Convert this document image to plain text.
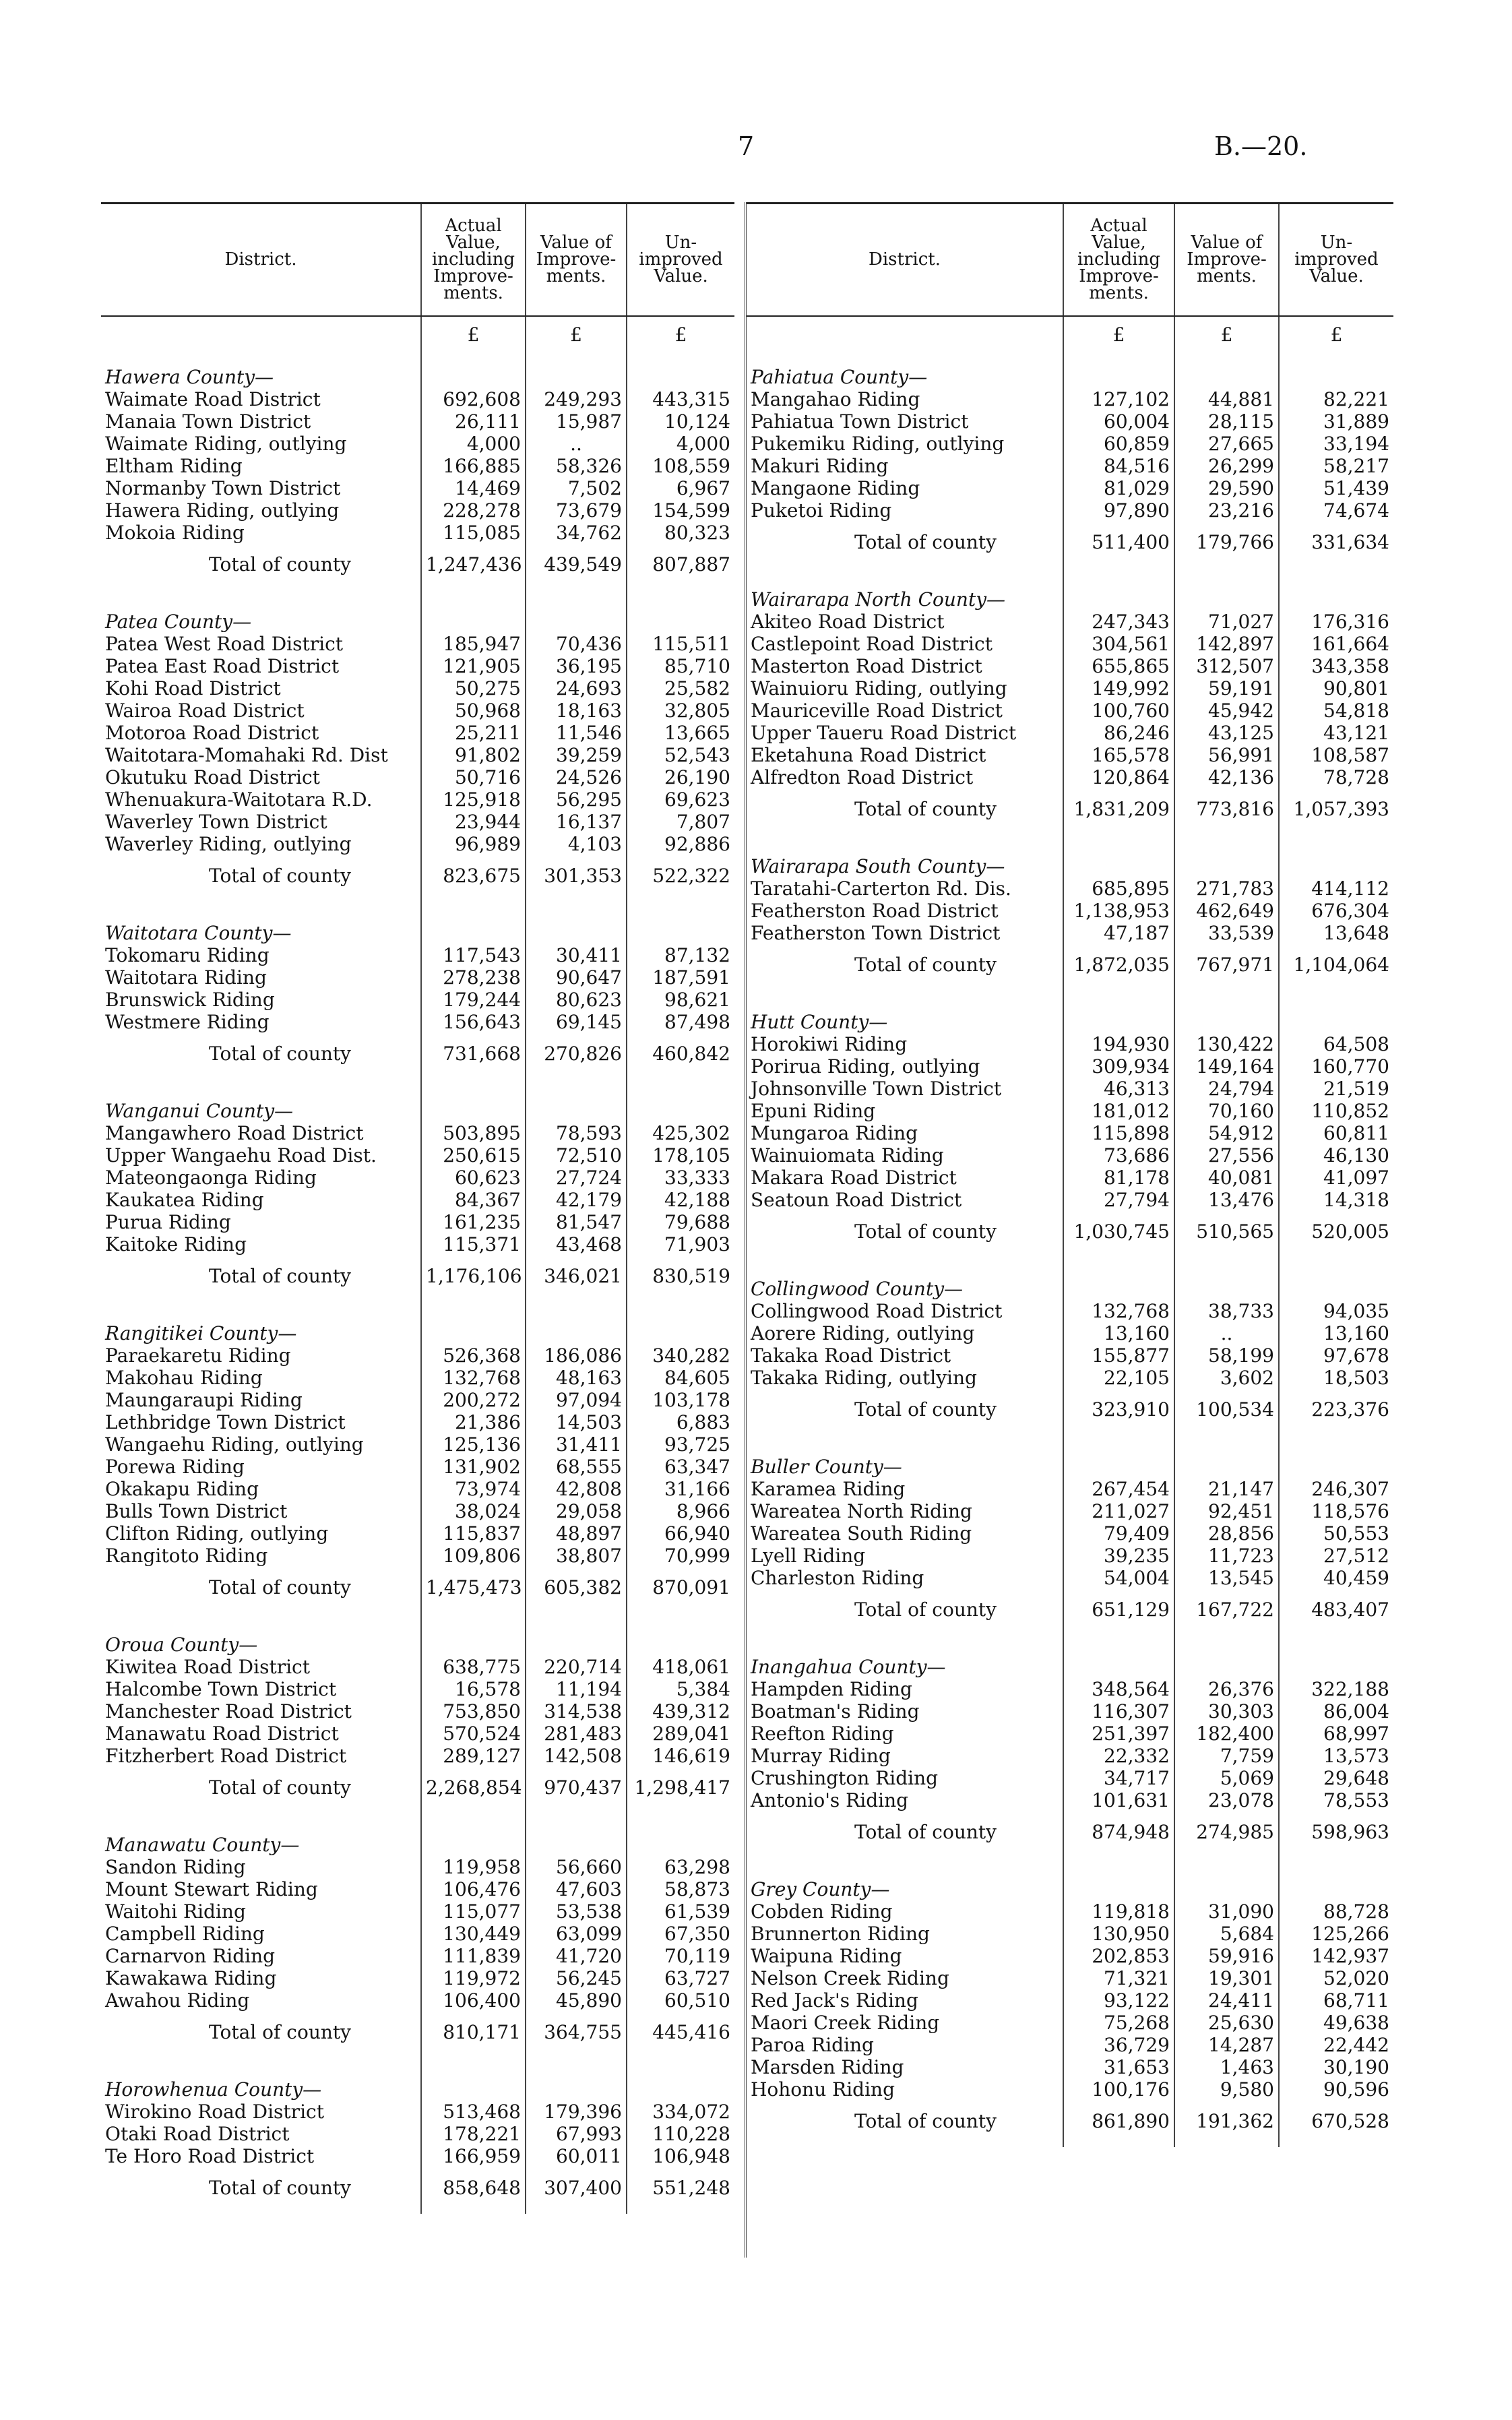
7	B.—20.
District.	Actual Value, including Improve- ments.	Value of Improve- ments.	Un- improved Value.

	£	£	£
Hawera County—			
Waimate Road District	692,608	249,293	443,315
Manaia Town District	26,111	15,987	10,124
Waimate Riding, outlying	4,000	..	4,000
Eltham Riding	166,885	58,326	108,559
Normanby Town District	14,469	7,502	6,967
Hawera Riding, outlying	228,278	73,679	154,599
Mokoia Riding	115,085	34,762	80,323
Total of county	1,247,436	439,549	807,887
Patea County—			
Patea West Road District	185,947	70,436	115,511
Patea East Road District	121,905	36,195	85,710
Kohi Road District	50,275	24,693	25,582
Wairoa Road District	50,968	18,163	32,805
Motoroa Road District	25,211	11,546	13,665
Waitotara-Momahaki Rd. Dist	91,802	39,259	52,543
Okutuku Road District	50,716	24,526	26,190
Whenuakura-Waitotara R.D.	125,918	56,295	69,623
Waverley Town District	23,944	16,137	7,807
Waverley Riding, outlying	96,989	4,103	92,886
Total of county	823,675	301,353	522,322
Waitotara County—			
Tokomaru Riding	117,543	30,411	87,132
Waitotara Riding	278,238	90,647	187,591
Brunswick Riding	179,244	80,623	98,621
Westmere Riding	156,643	69,145	87,498
Total of county	731,668	270,826	460,842
Wanganui County—			
Mangawhero Road District	503,895	78,593	425,302
Upper Wangaehu Road Dist.	250,615	72,510	178,105
Mateongaonga Riding	60,623	27,724	33,333
Kaukatea Riding	84,367	42,179	42,188
Purua Riding	161,235	81,547	79,688
Kaitoke Riding	115,371	43,468	71,903
Total of county	1,176,106	346,021	830,519
Rangitikei County—			
Paraekaretu Riding	526,368	186,086	340,282
Makohau Riding	132,768	48,163	84,605
Maungaraupi Riding	200,272	97,094	103,178
Lethbridge Town District	21,386	14,503	6,883
Wangaehu Riding, outlying	125,136	31,411	93,725
Porewa Riding	131,902	68,555	63,347
Okakapu Riding	73,974	42,808	31,166
Bulls Town District	38,024	29,058	8,966
Clifton Riding, outlying	115,837	48,897	66,940
Rangitoto Riding	109,806	38,807	70,999
Total of county	1,475,473	605,382	870,091
Oroua County—			
Kiwitea Road District	638,775	220,714	418,061
Halcombe Town District	16,578	11,194	5,384
Manchester Road District	753,850	314,538	439,312
Manawatu Road District	570,524	281,483	289,041
Fitzherbert Road District	289,127	142,508	146,619
Total of county	2,268,854	970,437	1,298,417
Manawatu County—			
Sandon Riding	119,958	56,660	63,298
Mount Stewart Riding	106,476	47,603	58,873
Waitohi Riding	115,077	53,538	61,539
Campbell Riding	130,449	63,099	67,350
Carnarvon Riding	111,839	41,720	70,119
Kawakawa Riding	119,972	56,245	63,727
Awahou Riding	106,400	45,890	60,510
Total of county	810,171	364,755	445,416
Horowhenua County—			
Wirokino Road District	513,468	179,396	334,072
Otaki Road District	178,221	67,993	110,228
Te Horo Road District	166,959	60,011	106,948
Total of county	858,648	307,400	551,248
District.	Actual Value, including Improve- ments.	Value of Improve- ments.	Un- improved Value.

	£	£	£
Pahiatua County—			
Mangahao Riding	127,102	44,881	82,221
Pahiatua Town District	60,004	28,115	31,889
Pukemiku Riding, outlying	60,859	27,665	33,194
Makuri Riding	84,516	26,299	58,217
Mangaone Riding	81,029	29,590	51,439
Puketoi Riding	97,890	23,216	74,674
Total of county	511,400	179,766	331,634
Wairarapa North County—			
Akiteo Road District	247,343	71,027	176,316
Castlepoint Road District	304,561	142,897	161,664
Masterton Road District	655,865	312,507	343,358
Wainuioru Riding, outlying	149,992	59,191	90,801
Mauriceville Road District	100,760	45,942	54,818
Upper Taueru Road District	86,246	43,125	43,121
Eketahuna Road District	165,578	56,991	108,587
Alfredton Road District	120,864	42,136	78,728
Total of county	1,831,209	773,816	1,057,393
Wairarapa South County—			
Taratahi-Carterton Rd. Dis.	685,895	271,783	414,112
Featherston Road District	1,138,953	462,649	676,304
Featherston Town District	47,187	33,539	13,648
Total of county	1,872,035	767,971	1,104,064
Hutt County—			
Horokiwi Riding	194,930	130,422	64,508
Porirua Riding, outlying	309,934	149,164	160,770
Johnsonville Town District	46,313	24,794	21,519
Epuni Riding	181,012	70,160	110,852
Mungaroa Riding	115,898	54,912	60,811
Wainuiomata Riding	73,686	27,556	46,130
Makara Road District	81,178	40,081	41,097
Seatoun Road District	27,794	13,476	14,318
Total of county	1,030,745	510,565	520,005
Collingwood County—			
Collingwood Road District	132,768	38,733	94,035
Aorere Riding, outlying	13,160	..	13,160
Takaka Road District	155,877	58,199	97,678
Takaka Riding, outlying	22,105	3,602	18,503
Total of county	323,910	100,534	223,376
Buller County—			
Karamea Riding	267,454	21,147	246,307
Wareatea North Riding	211,027	92,451	118,576
Wareatea South Riding	79,409	28,856	50,553
Lyell Riding	39,235	11,723	27,512
Charleston Riding	54,004	13,545	40,459
Total of county	651,129	167,722	483,407
Inangahua County—			
Hampden Riding	348,564	26,376	322,188
Boatman's Riding	116,307	30,303	86,004
Reefton Riding	251,397	182,400	68,997
Murray Riding	22,332	7,759	13,573
Crushington Riding	34,717	5,069	29,648
Antonio's Riding	101,631	23,078	78,553
Total of county	874,948	274,985	598,963
Grey County—			
Cobden Riding	119,818	31,090	88,728
Brunnerton Riding	130,950	5,684	125,266
Waipuna Riding	202,853	59,916	142,937
Nelson Creek Riding	71,321	19,301	52,020
Red Jack's Riding	93,122	24,411	68,711
Maori Creek Riding	75,268	25,630	49,638
Paroa Riding	36,729	14,287	22,442
Marsden Riding	31,653	1,463	30,190
Hohonu Riding	100,176	9,580	90,596
Total of county	861,890	191,362	670,528
